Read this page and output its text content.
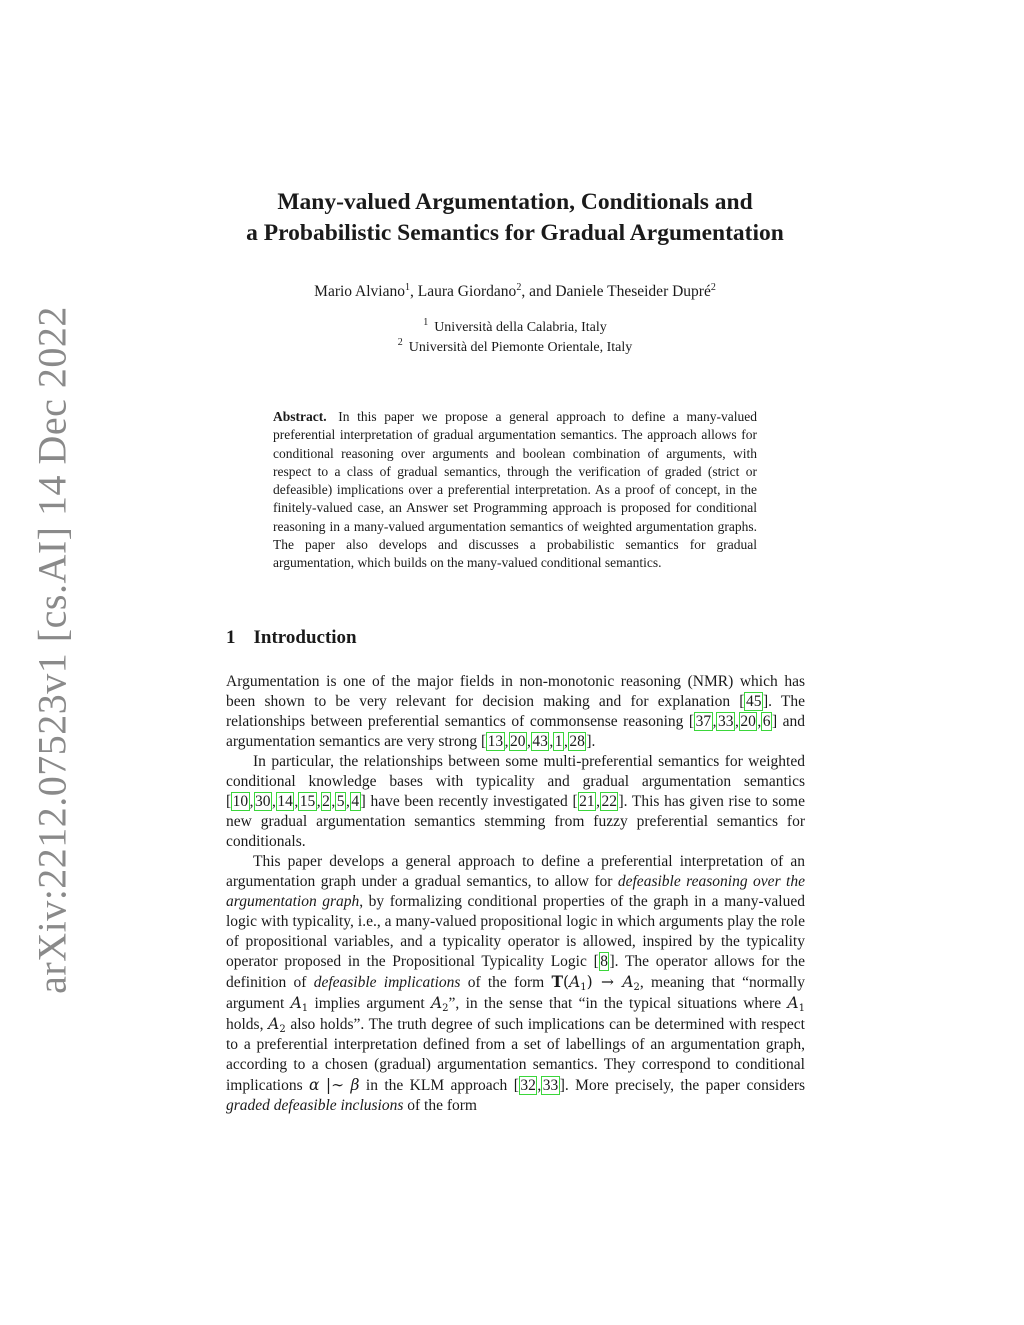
arXiv:2212.07523v1 [cs.AI] 14 Dec 2022
Many-valued Argumentation, Conditionals and
a Probabilistic Semantics for Gradual Argumentation
Mario Alviano$^1$, Laura Giordano$^2$, and Daniele Theseider Dupré$^2$
$^1$ Università della Calabria, Italy
$^2$ Università del Piemonte Orientale, Italy
Abstract. In this paper we propose a general approach to define a many-valued preferential interpretation of gradual argumentation semantics. The approach allows for conditional reasoning over arguments and boolean combination of arguments, with respect to a class of gradual semantics, through the verification of graded (strict or defeasible) implications over a preferential interpretation. As a proof of concept, in the finitely-valued case, an Answer set Programming approach is proposed for conditional reasoning in a many-valued argumentation semantics of weighted argumentation graphs. The paper also develops and discusses a probabilistic semantics for gradual argumentation, which builds on the many-valued conditional semantics.
1 Introduction

Argumentation is one of the major fields in non-monotonic reasoning (NMR) which has been shown to be very relevant for decision making and for explanation [45]. The relationships between preferential semantics of commonsense reasoning [37,33,20,6] and argumentation semantics are very strong [13,20,43,1,28].

In particular, the relationships between some multi-preferential semantics for weighted conditional knowledge bases with typicality and gradual argumentation semantics [10,30,14,15,2,5,4] have been recently investigated [21,22]. This has given rise to some new gradual argumentation semantics stemming from fuzzy preferential semantics for conditionals.

This paper develops a general approach to define a preferential interpretation of an argumentation graph under a gradual semantics, to allow for defeasible reasoning over the argumentation graph, by formalizing conditional properties of the graph in a many-valued logic with typicality, i.e., a many-valued propositional logic in which arguments play the role of propositional variables, and a typicality operator is allowed, inspired by the typicality operator proposed in the Propositional Typicality Logic [8]. The operator allows for the definition of defeasible implications of the form $T(A_1) \to A_2$, meaning that “normally argument $A_1$ implies argument $A_2$”, in the sense that “in the typical situations where $A_1$ holds, $A_2$ also holds”. The truth degree of such implications can be determined with respect to a preferential interpretation defined from a set of labellings of an argumentation graph, according to a chosen (gradual) argumentation semantics. They correspond to conditional implications α |∼ β in the KLM approach [32,33]. More precisely, the paper considers graded defeasible inclusions of the form
